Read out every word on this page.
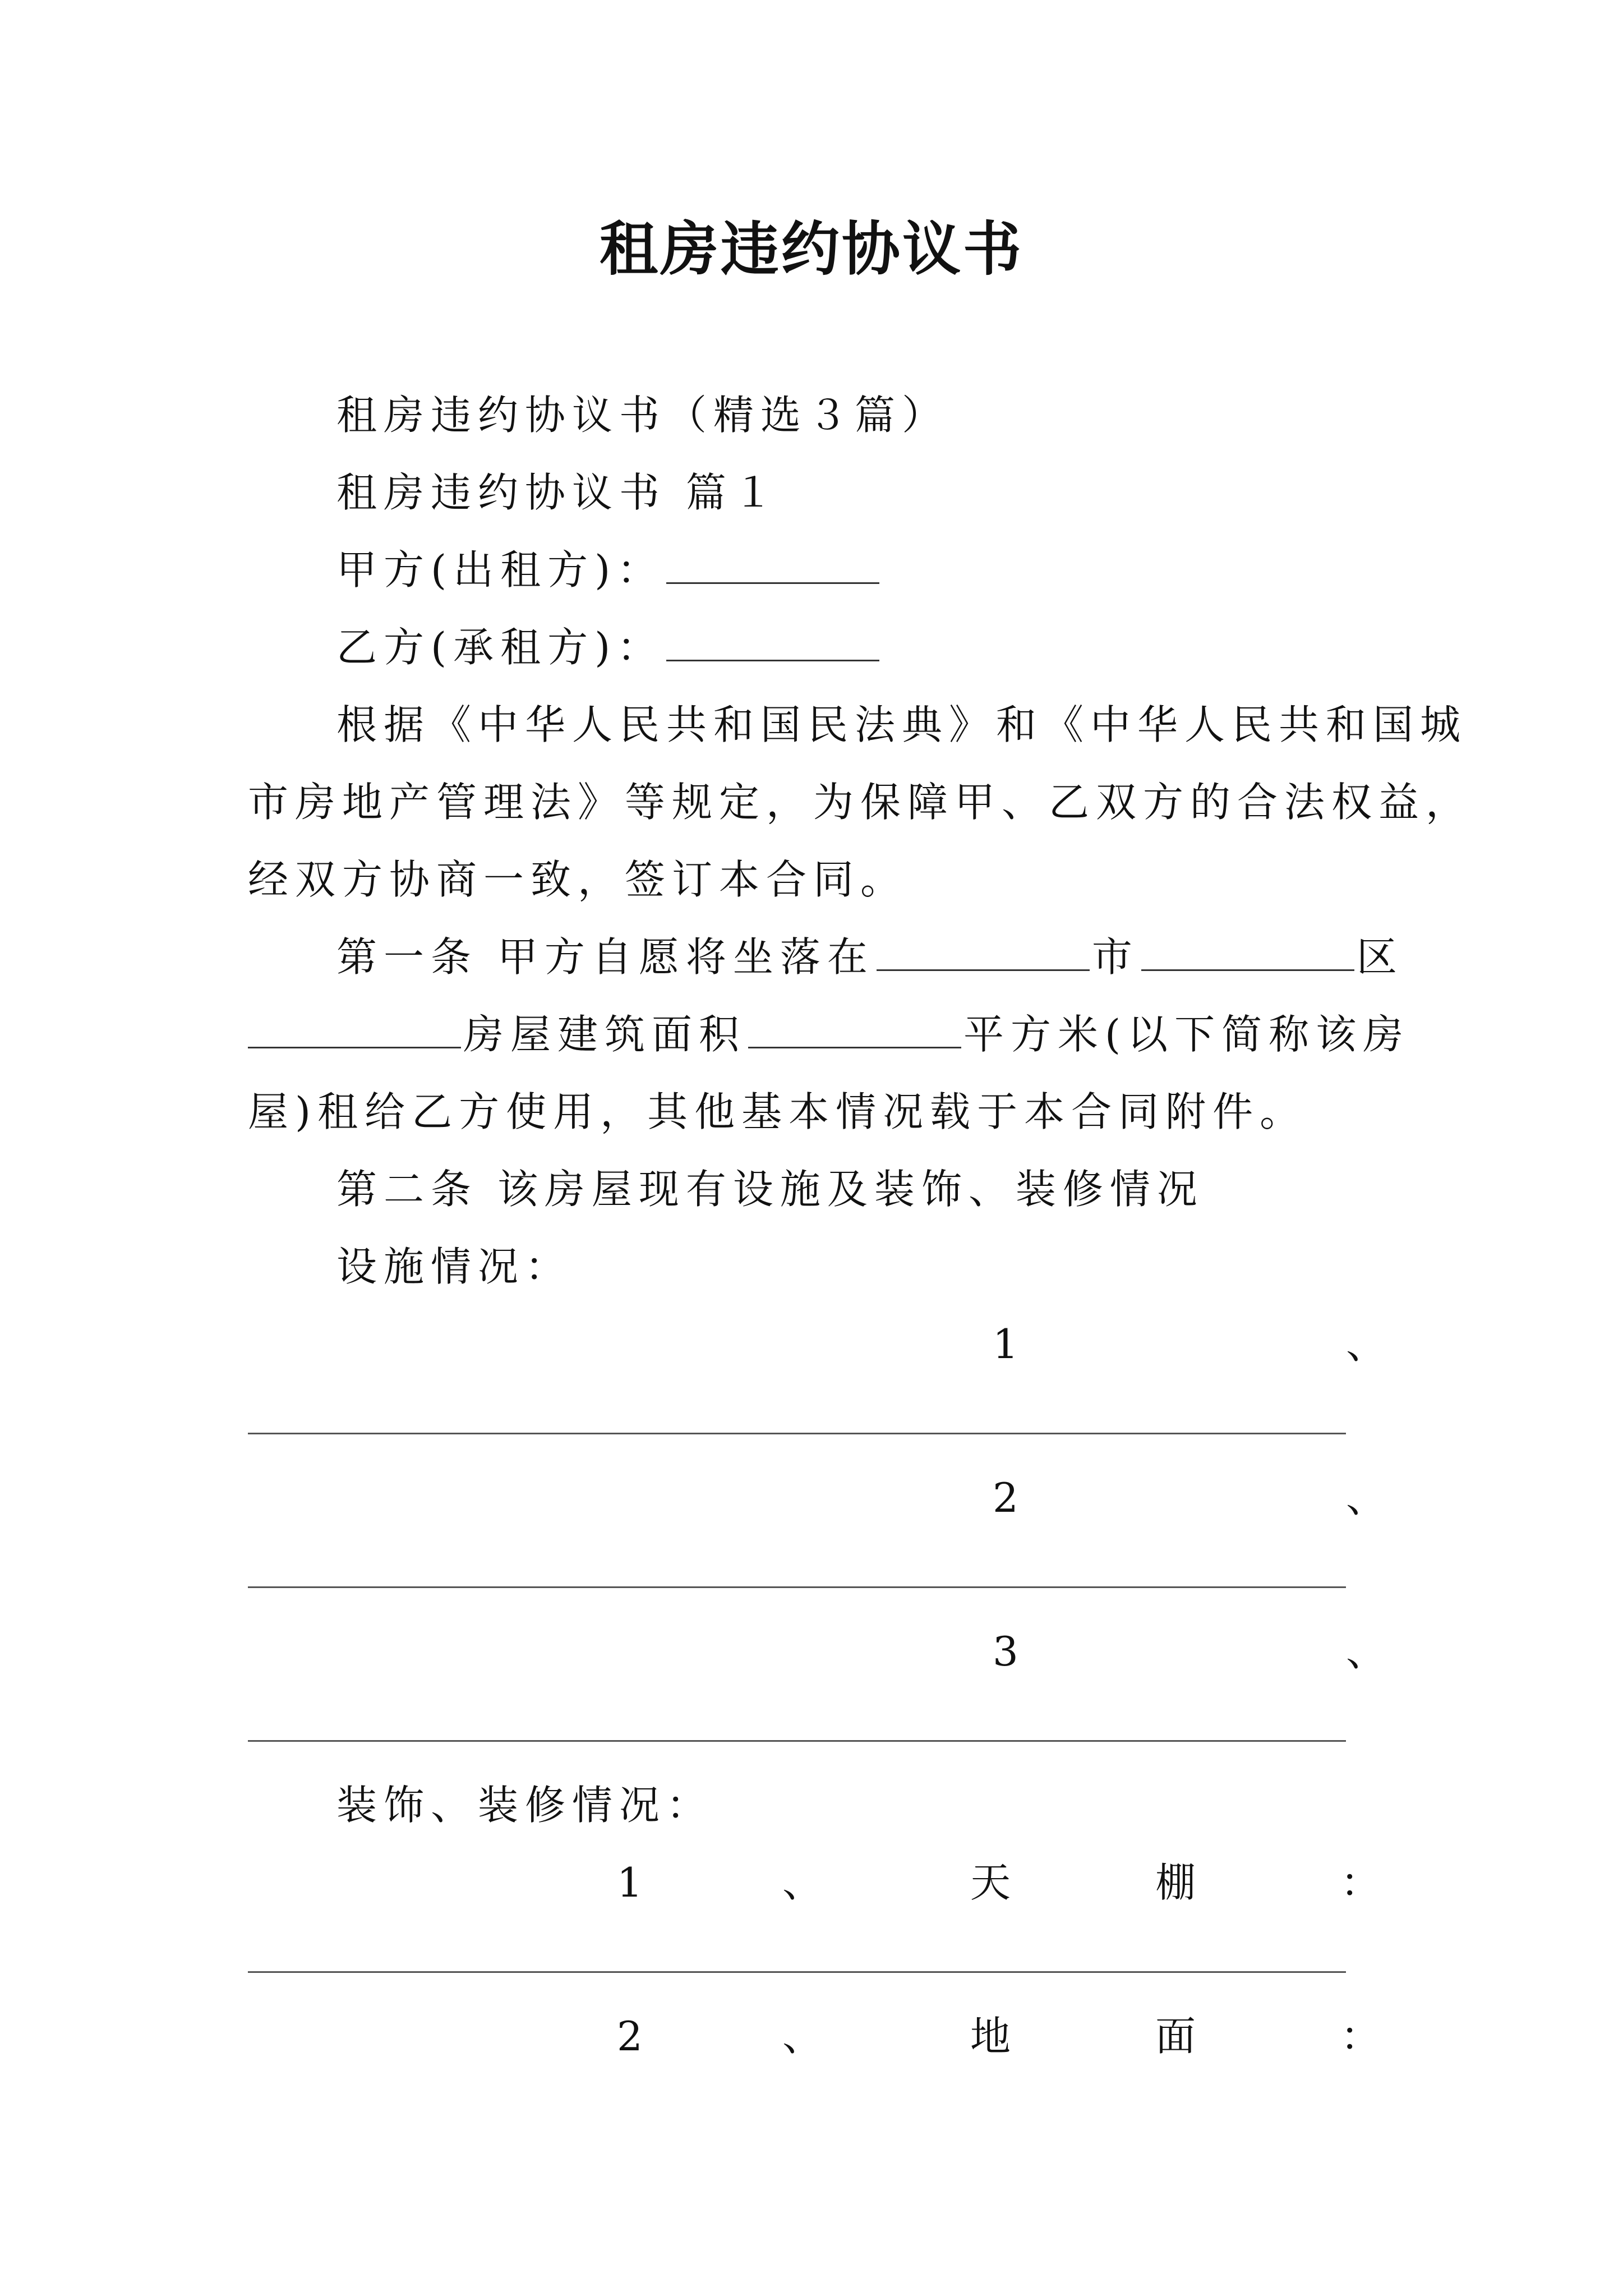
租房违约协议书
租房违约协议书（精选３篇）
租房违约协议书 篇１
甲方(出租方)：
乙方(承租方)：
根据《中华人民共和国民法典》和《中华人民共和国城
市房地产管理法》等规定，为保障甲、乙双方的合法权益，
经双方协商一致，签订本合同。
第一条 甲方自愿将坐落在	市	区
房屋建筑面积	平方米(以下简称该房
屋)租给乙方使用，其他基本情况载于本合同附件。
第二条 该房屋现有设施及装饰、装修情况
设施情况：
1	、
2	、
3	、
装饰、装修情况：
1	、	天	棚	：
2	、	地	面	：
